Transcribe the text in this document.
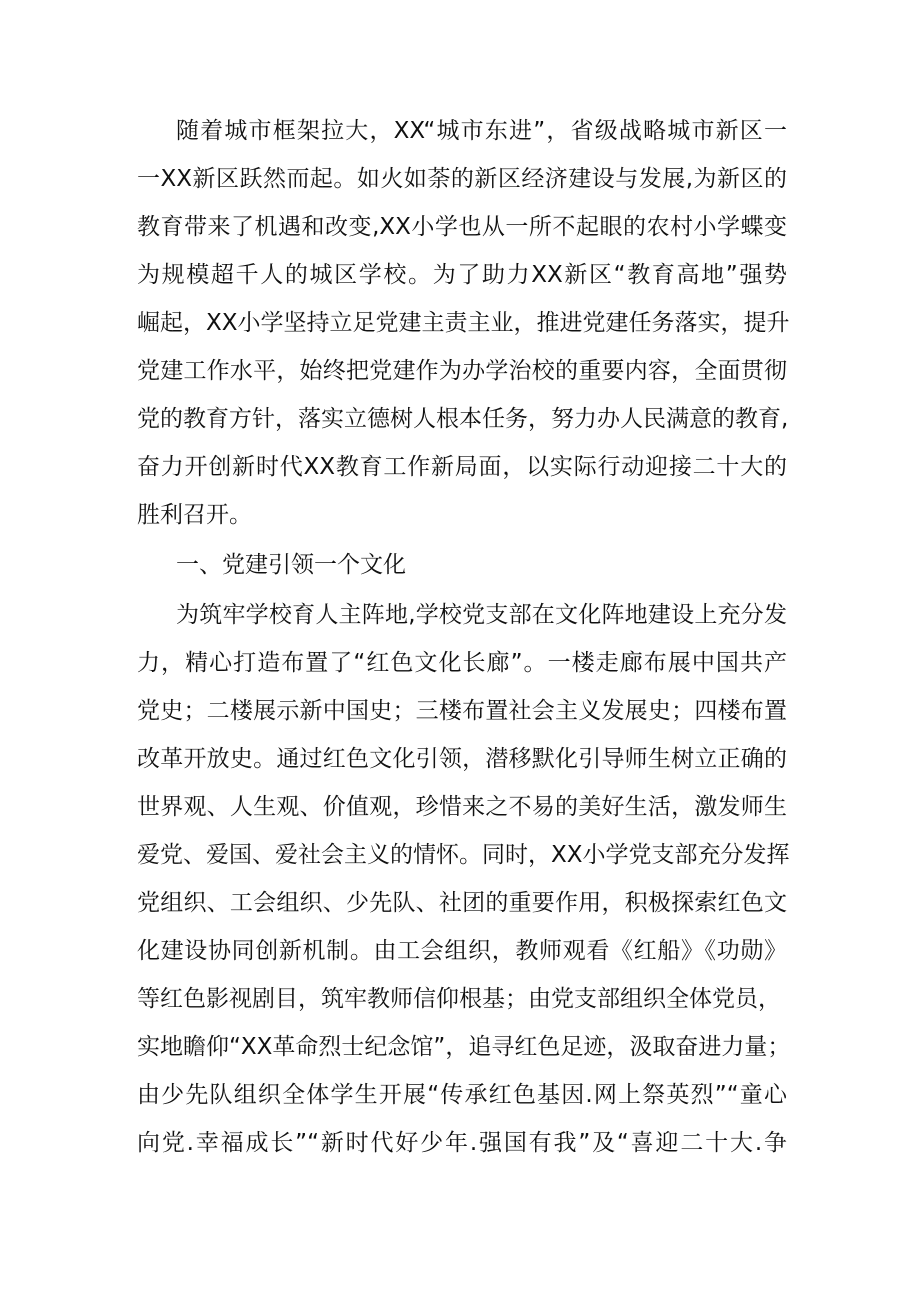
随着城市框架拉大，XX“城市东进”，省级战略城市新区一
一XX新区跃然而起。如火如荼的新区经济建设与发展,为新区的
教育带来了机遇和改变,XX小学也从一所不起眼的农村小学蝶变
为规模超千人的城区学校。为了助力XX新区“教育高地”强势
崛起，XX小学坚持立足党建主责主业，推进党建任务落实，提升
党建工作水平，始终把党建作为办学治校的重要内容，全面贯彻
党的教育方针，落实立德树人根本任务，努力办人民满意的教育,
奋力开创新时代XX教育工作新局面，以实际行动迎接二十大的
胜利召开。
一、党建引领一个文化
为筑牢学校育人主阵地,学校党支部在文化阵地建设上充分发
力，精心打造布置了“红色文化长廊”。一楼走廊布展中国共产
党史；二楼展示新中国史；三楼布置社会主义发展史；四楼布置
改革开放史。通过红色文化引领，潜移默化引导师生树立正确的
世界观、人生观、价值观，珍惜来之不易的美好生活，激发师生
爱党、爱国、爱社会主义的情怀。同时，XX小学党支部充分发挥
党组织、工会组织、少先队、社团的重要作用，积极探索红色文
化建设协同创新机制。由工会组织，教师观看《红船》《功勋》
等红色影视剧目，筑牢教师信仰根基；由党支部组织全体党员，
实地瞻仰“XX革命烈士纪念馆”，追寻红色足迹，汲取奋进力量；
由少先队组织全体学生开展“传承红色基因.网上祭英烈”“童心
向党.幸福成长”“新时代好少年.强国有我”及“喜迎二十大.争
